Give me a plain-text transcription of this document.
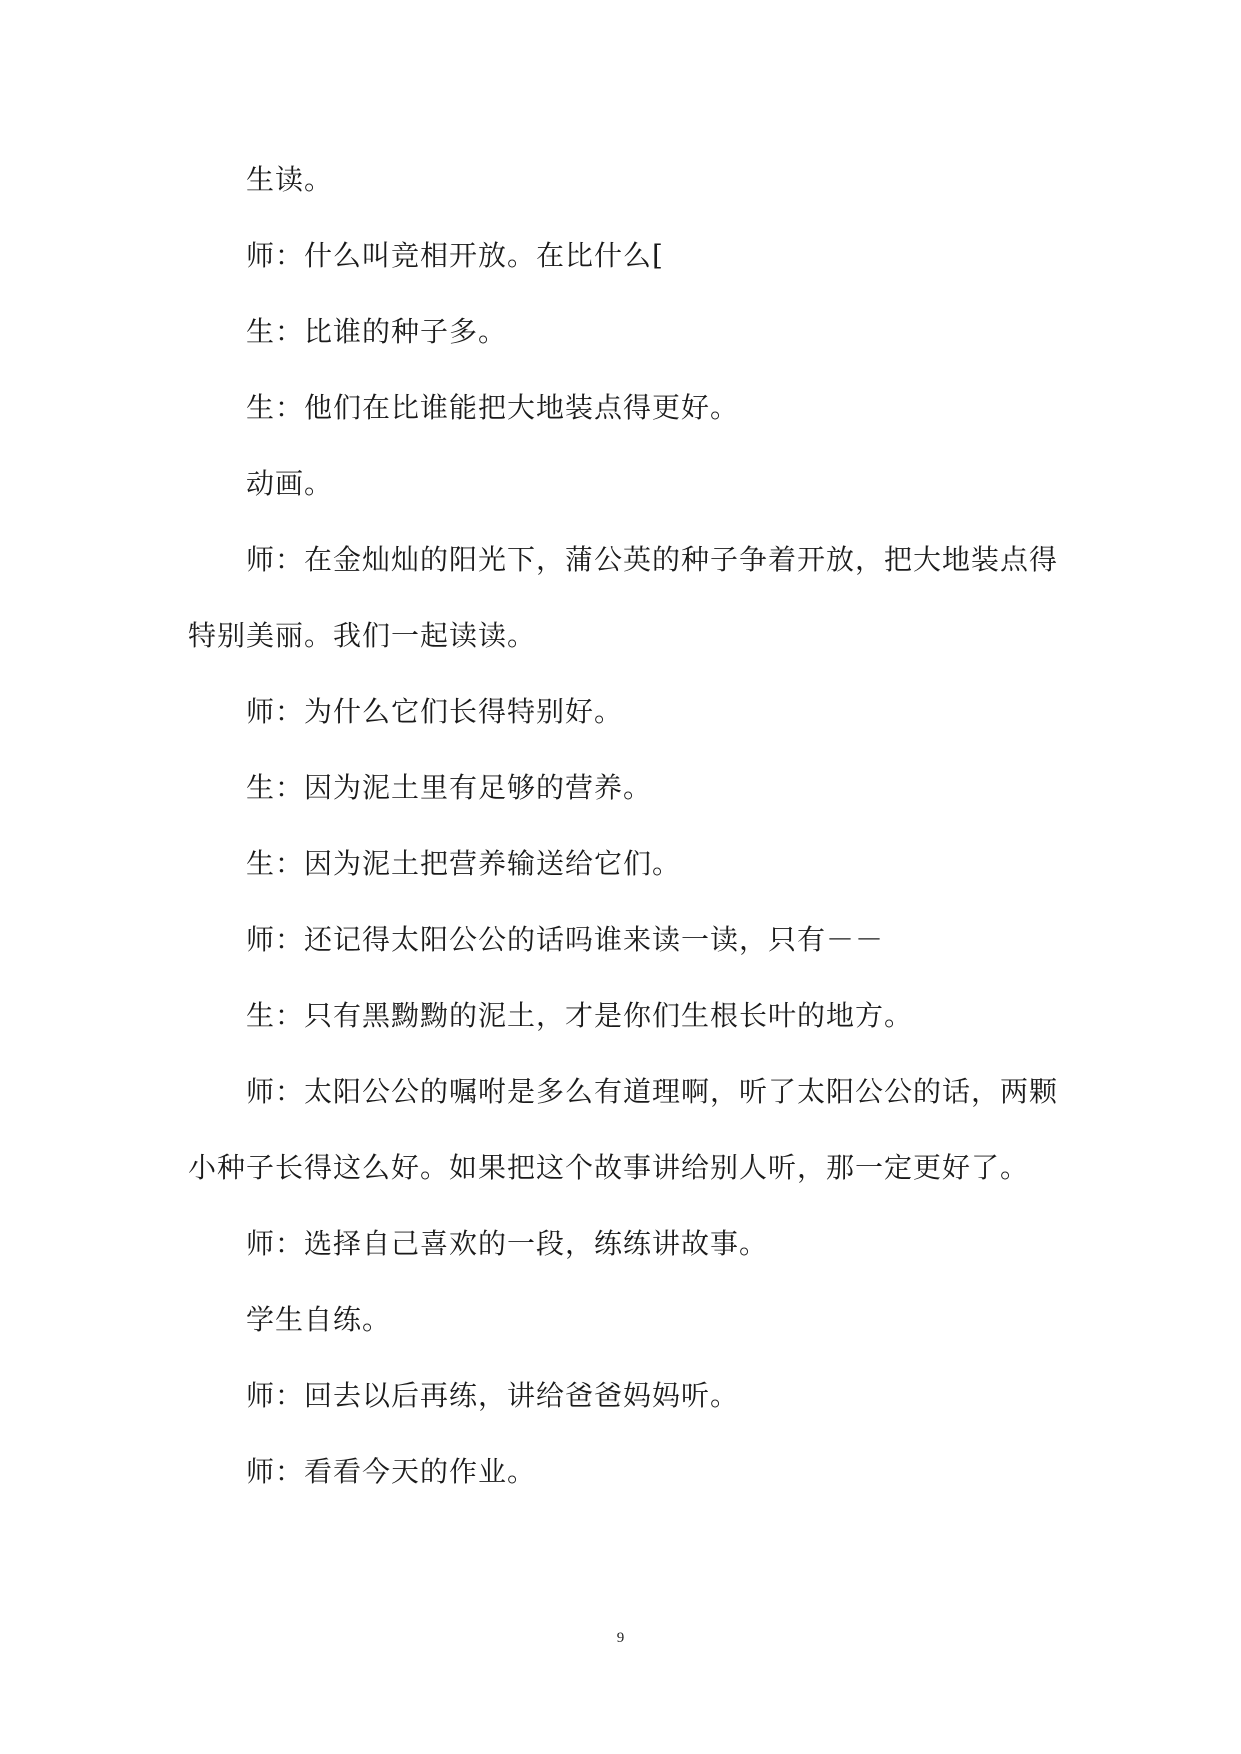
生读。

师：什么叫竞相开放。在比什么[

生：比谁的种子多。

生：他们在比谁能把大地装点得更好。

动画。

师：在金灿灿的阳光下，蒲公英的种子争着开放，把大地装点得特别美丽。我们一起读读。

师：为什么它们长得特别好。

生：因为泥土里有足够的营养。

生：因为泥土把营养输送给它们。

师：还记得太阳公公的话吗谁来读一读，只有－－

生：只有黑黝黝的泥土，才是你们生根长叶的地方。

师：太阳公公的嘱咐是多么有道理啊，听了太阳公公的话，两颗小种子长得这么好。如果把这个故事讲给别人听，那一定更好了。

师：选择自己喜欢的一段，练练讲故事。

学生自练。

师：回去以后再练，讲给爸爸妈妈听。

师：看看今天的作业。

9
